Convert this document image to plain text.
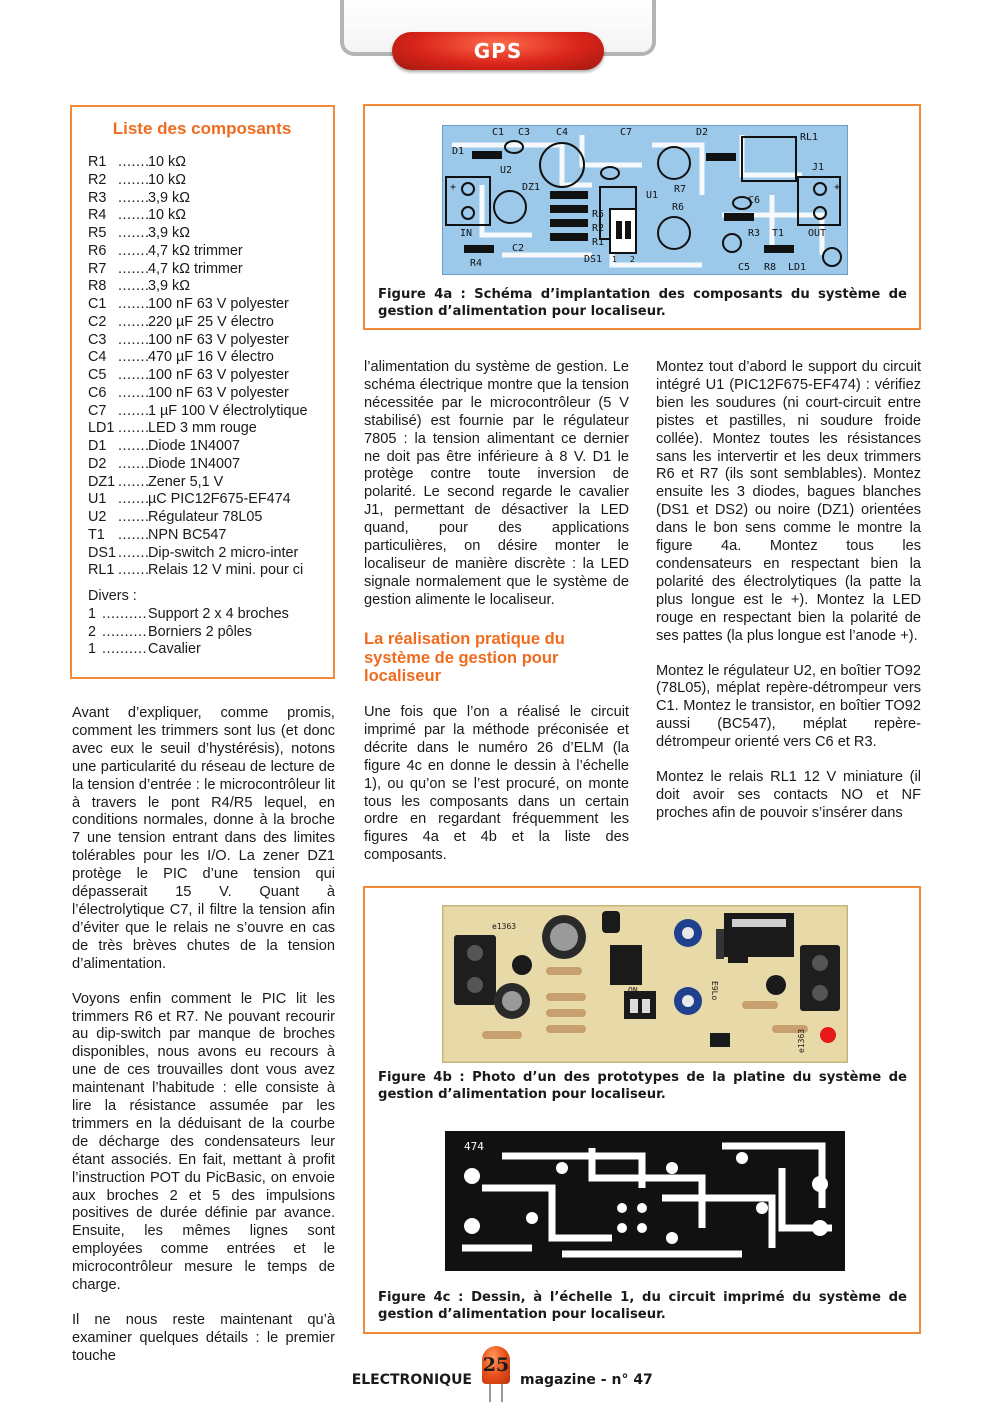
GPS
Liste des composants
R1 .....	10 kΩ
R2 .....	10 kΩ
R3 .....	3,9 kΩ
R4 .....	10 kΩ
R5 .....	3,9 kΩ
R6 .....	4,7 kΩ trimmer
R7 .....	4,7 kΩ trimmer
R8 .....	3,9 kΩ
C1 .....	100 nF 63 V polyester
C2 .....	220 µF 25 V électro
C3 .....	100 nF 63 V polyester
C4 .....	470 µF 16 V électro
C5 .....	100 nF 63 V polyester
C6 .....	100 nF 63 V polyester
C7 .....	1 µF 100 V électrolytique
LD1 .....	LED 3 mm rouge
D1 .....	Diode 1N4007
D2 .....	Diode 1N4007
DZ1 .....	Zener 5,1 V
U1 .....	µC PIC12F675-EF474
U2 .....	Régulateur 78L05
T1 .....	NPN BC547
DS1 .....	Dip-switch 2 micro-inter
RL1 .....	Relais 12 V mini. pour ci
Divers :
1 .....	Support 2 x 4 broches
2 .....	Borniers 2 pôles
1 .....	Cavalier

Avant d’expliquer, comme promis, comment les trimmers sont lus (et donc avec eux le seuil d’hystérésis), notons une particularité du réseau de lecture de la tension d’entrée : le microcontrôleur lit à travers le pont R4/R5 lequel, en conditions normales, donne à la broche 7 une tension entrant dans des limites tolérables pour les I/O. La zener DZ1 protège le PIC d’une tension qui dépasserait 15 V. Quant à l’électrolytique C7, il filtre la tension afin d’éviter que le relais ne s’ouvre en cas de très brèves chutes de la tension d’alimentation.

Voyons enfin comment le PIC lit les trimmers R6 et R7. Ne pouvant recourir au dip-switch par manque de broches disponibles, nous avons eu recours à une de ces trouvailles dont vous avez maintenant l’habitude : elle consiste à lire la résistance assumée par les trimmers en la déduisant de la courbe de décharge des condensateurs leur étant associés. En fait, mettant à profit l’instruction POT du PicBasic, on envoie aux broches 2 et 5 des impulsions positives de durée définie par avance. Ensuite, les mêmes lignes sont employées comme entrées et le microcontrôleur mesure le temps de charge.

Il ne nous reste maintenant qu’à examiner quelques détails : le premier touche

C1 C3	C4	C7	D2	RL1
D1
U2	J1
DZ1
U1
R7
R6
C6
R5
R2
R1
DS1 1 2
IN
+
C2
R4
R3 T1 OUT
+
C5 R8 LD1
Figure 4a : Schéma d’implantation des composants du système de gestion d’alimentation pour localiseur.

l’alimentation du système de gestion. Le schéma électrique montre que la tension nécessitée par le microcontrôleur (5 V stabilisé) est fournie par le régulateur 7805 : la tension alimentant ce dernier ne doit pas être inférieure à 8 V. D1 le protège contre toute inversion de polarité. Le second regarde le cavalier J1, permettant de désactiver la LED quand, pour des applications particulières, on désire monter le localiseur de manière discrète : la LED signale normalement que le système de gestion alimente le localiseur.

La réalisation pratique du système de gestion pour localiseur

Une fois que l’on a réalisé le circuit imprimé par la méthode préconisée et décrite dans le numéro 26 d’ELM (la figure 4c en donne le dessin à l’échelle 1), ou qu’on se l’est procuré, on monte tous les composants dans un certain ordre en regardant fréquemment les figures 4a et 4b et la liste des composants.

Montez tout d’abord le support du circuit intégré U1 (PIC12F675-EF474) : vérifiez bien les soudures (ni court-circuit entre pistes et pastilles, ni soudure froide collée). Montez toutes les résistances sans les intervertir et les deux trimmers R6 et R7 (ils sont semblables). Montez ensuite les 3 diodes, bagues blanches (DS1 et DS2) ou noire (DZ1) orientées dans le bon sens comme le montre la figure 4a. Montez tous les condensateurs en respectant bien la polarité des électrolytiques (la patte la plus longue est le +). Montez la LED rouge en respectant bien la polarité de ses pattes (la plus longue est l’anode +).

Montez le régulateur U2, en boîtier TO92 (78L05), méplat repère-détrompeur vers C1. Montez le transistor, en boîtier TO92 aussi (BC547), méplat repère-détrompeur orienté vers C6 et R3.

Montez le relais RL1 12 V miniature (il doit avoir ses contacts NO et NF proches afin de pouvoir s’insérer dans

e1363
E9Lo
e1363
ON
Figure 4b : Photo d’un des prototypes de la platine du système de gestion d’alimentation pour localiseur.
474
Figure 4c : Dessin, à l’échelle 1, du circuit imprimé du système de gestion d’alimentation pour localiseur.
ELECTRONIQUE	magazine - n° 47
25
